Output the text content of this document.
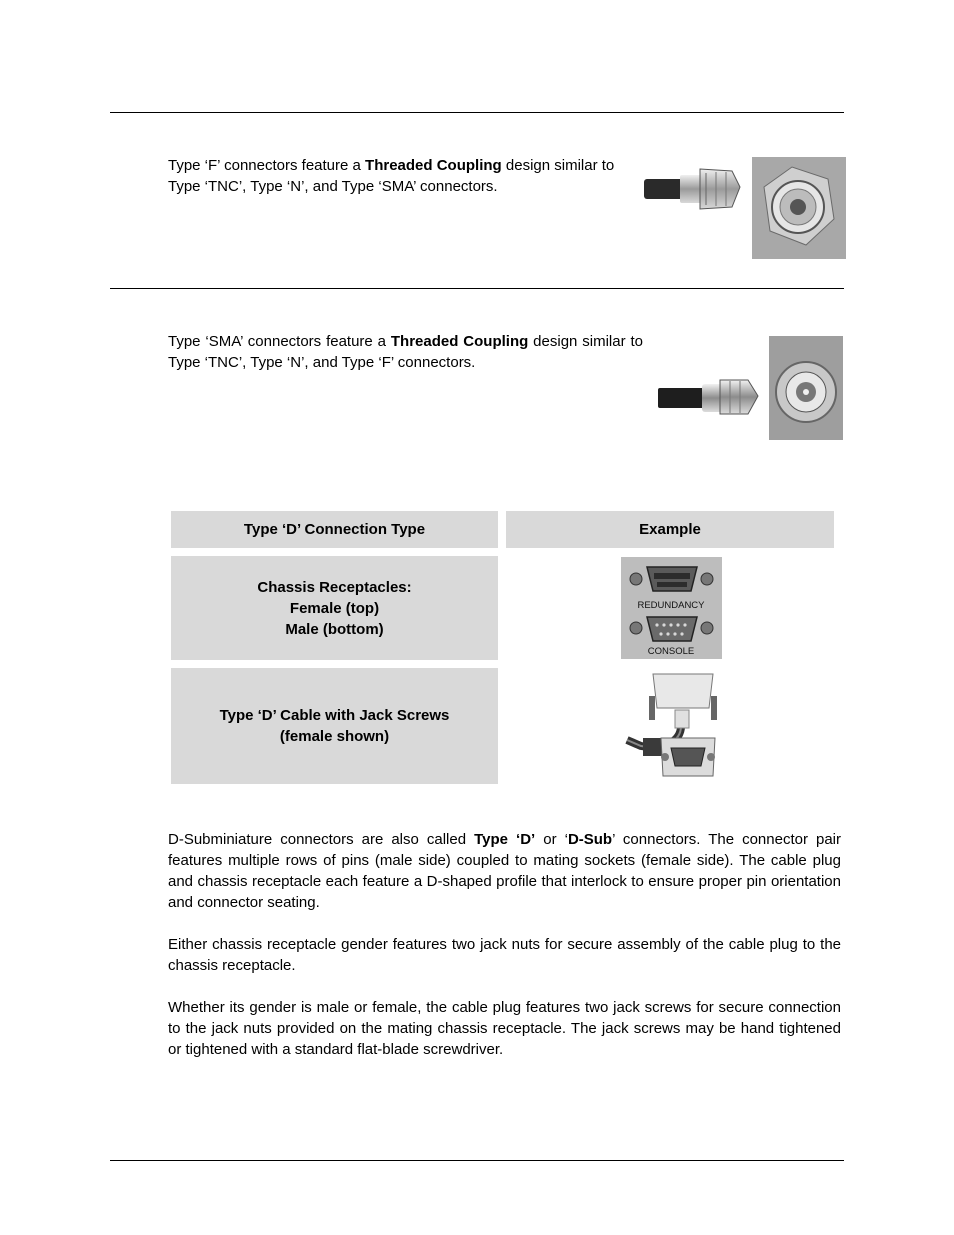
Type ‘F’ connectors feature a Threaded Coupling design similar to Type ‘TNC’, Type ‘N’, and Type ‘SMA’ connectors.
Type ‘SMA’ connectors feature a Threaded Coupling design similar to Type ‘TNC’, Type ‘N’, and Type ‘F’ connectors.
Type ‘D’ Connection Type	Example
Chassis Receptacles:
Female (top)
Male (bottom)
REDUNDANCY
CONSOLE
Type ‘D’ Cable with Jack Screws
(female shown)
D-Subminiature connectors are also called Type ‘D’ or ‘D-Sub’ connectors. The connector pair features multiple rows of pins (male side) coupled to mating sockets (female side). The cable plug and chassis receptacle each feature a D-shaped profile that interlock to ensure proper pin orientation and connector seating.
Either chassis receptacle gender features two jack nuts for secure assembly of the cable plug to the chassis receptacle.
Whether its gender is male or female, the cable plug features two jack screws for secure connection to the jack nuts provided on the mating chassis receptacle. The jack screws may be hand tightened or tightened with a standard flat-blade screwdriver.
